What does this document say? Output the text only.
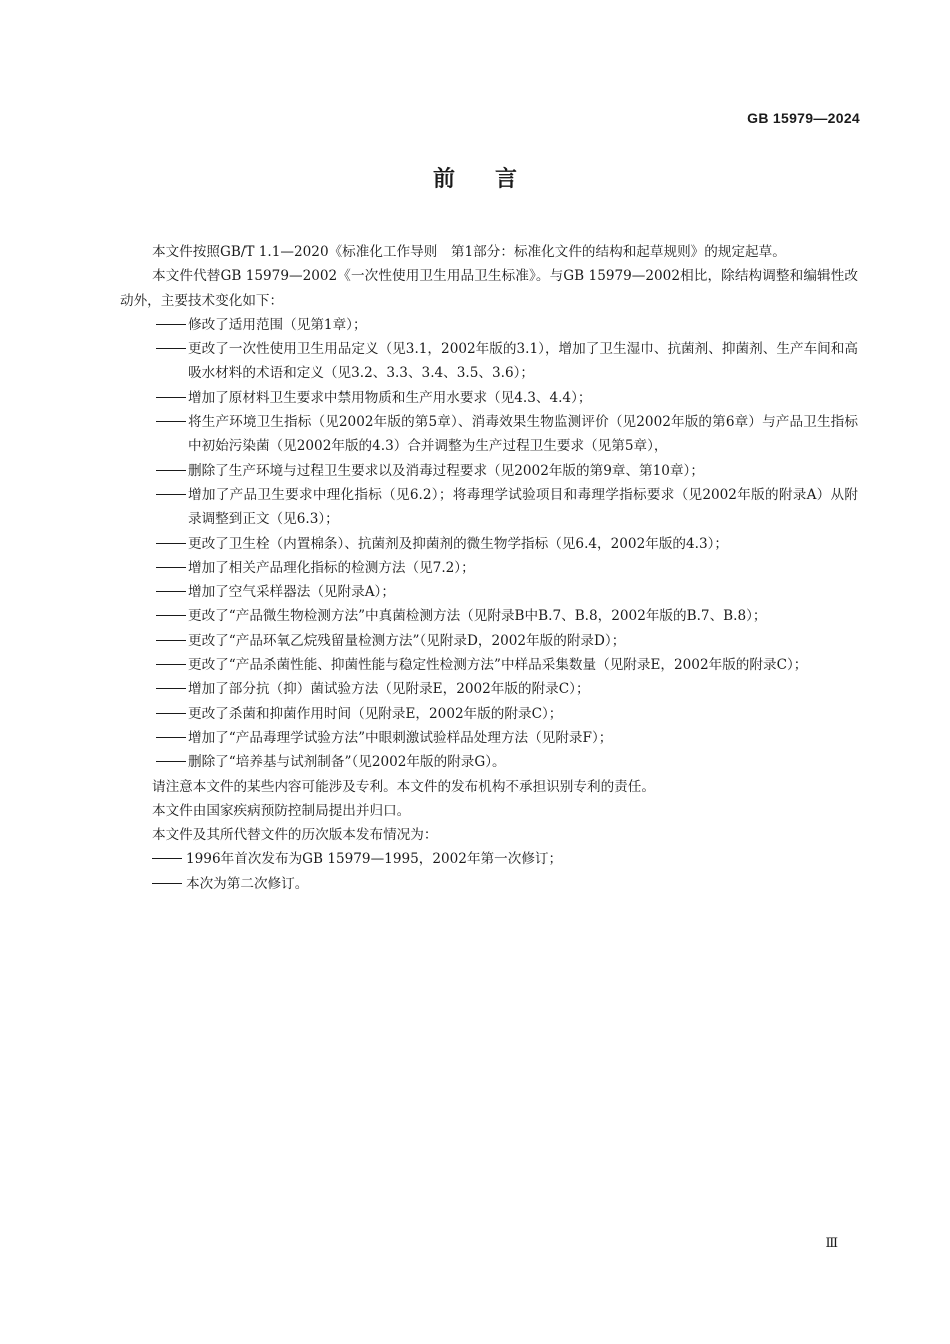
GB 15979—2024
前言

本文件按照GB/T 1.1—2020《标准化工作导则　第1部分：标准化文件的结构和起草规则》的规定起草。

本文件代替GB 15979—2002《一次性使用卫生用品卫生标准》。与GB 15979—2002相比，除结构调整和编辑性改动外，主要技术变化如下：

修改了适用范围（见第1章）；

更改了一次性使用卫生用品定义（见3.1，2002年版的3.1），增加了卫生湿巾、抗菌剂、抑菌剂、生产车间和高吸水材料的术语和定义（见3.2、3.3、3.4、3.5、3.6）；

增加了原材料卫生要求中禁用物质和生产用水要求（见4.3、4.4）；

将生产环境卫生指标（见2002年版的第5章）、消毒效果生物监测评价（见2002年版的第6章）与产品卫生指标中初始污染菌（见2002年版的4.3）合并调整为生产过程卫生要求（见第5章），

删除了生产环境与过程卫生要求以及消毒过程要求（见2002年版的第9章、第10章）；

增加了产品卫生要求中理化指标（见6.2）；将毒理学试验项目和毒理学指标要求（见2002年版的附录A）从附录调整到正文（见6.3）；

更改了卫生栓（内置棉条）、抗菌剂及抑菌剂的微生物学指标（见6.4，2002年版的4.3）；

增加了相关产品理化指标的检测方法（见7.2）；

增加了空气采样器法（见附录A）；

更改了“产品微生物检测方法”中真菌检测方法（见附录B中B.7、B.8，2002年版的B.7、B.8）；

更改了“产品环氧乙烷残留量检测方法”（见附录D，2002年版的附录D）；

更改了“产品杀菌性能、抑菌性能与稳定性检测方法”中样品采集数量（见附录E，2002年版的附录C）；

增加了部分抗（抑）菌试验方法（见附录E，2002年版的附录C）；

更改了杀菌和抑菌作用时间（见附录E，2002年版的附录C）；

增加了“产品毒理学试验方法”中眼刺激试验样品处理方法（见附录F）；

删除了“培养基与试剂制备”（见2002年版的附录G）。

请注意本文件的某些内容可能涉及专利。本文件的发布机构不承担识别专利的责任。

本文件由国家疾病预防控制局提出并归口。

本文件及其所代替文件的历次版本发布情况为：

1996年首次发布为GB 15979—1995，2002年第一次修订；

本次为第二次修订。

Ⅲ
